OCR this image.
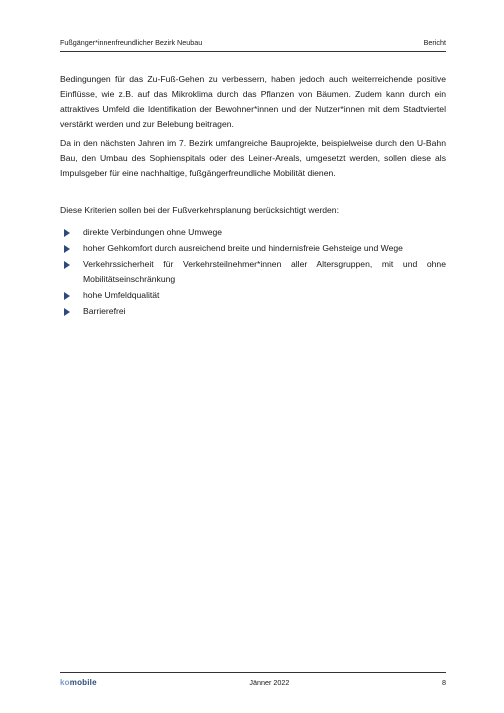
Fußgänger*innenfreundlicher Bezirk Neubau	Bericht

Bedingungen für das Zu-Fuß-Gehen zu verbessern, haben jedoch auch weiterreichende positive Einflüsse, wie z.B. auf das Mikroklima durch das Pflanzen von Bäumen. Zudem kann durch ein attraktives Umfeld die Identifikation der Bewohner*innen und der Nutzer*innen mit dem Stadtviertel verstärkt werden und zur Belebung beitragen.

Da in den nächsten Jahren im 7. Bezirk umfangreiche Bauprojekte, beispielweise durch den U-Bahn Bau, den Umbau des Sophienspitals oder des Leiner-Areals, umgesetzt werden, sollen diese als Impulsgeber für eine nachhaltige, fußgängerfreundliche Mobilität dienen.

Diese Kriterien sollen bei der Fußverkehrsplanung berücksichtigt werden:

direkte Verbindungen ohne Umwege
hoher Gehkomfort durch ausreichend breite und hindernisfreie Gehsteige und Wege
Verkehrssicherheit für Verkehrsteilnehmer*innen aller Altersgruppen, mit und ohne Mobilitätseinschränkung
hohe Umfeldqualität
Barrierefrei
komobile	Jänner 2022	8
